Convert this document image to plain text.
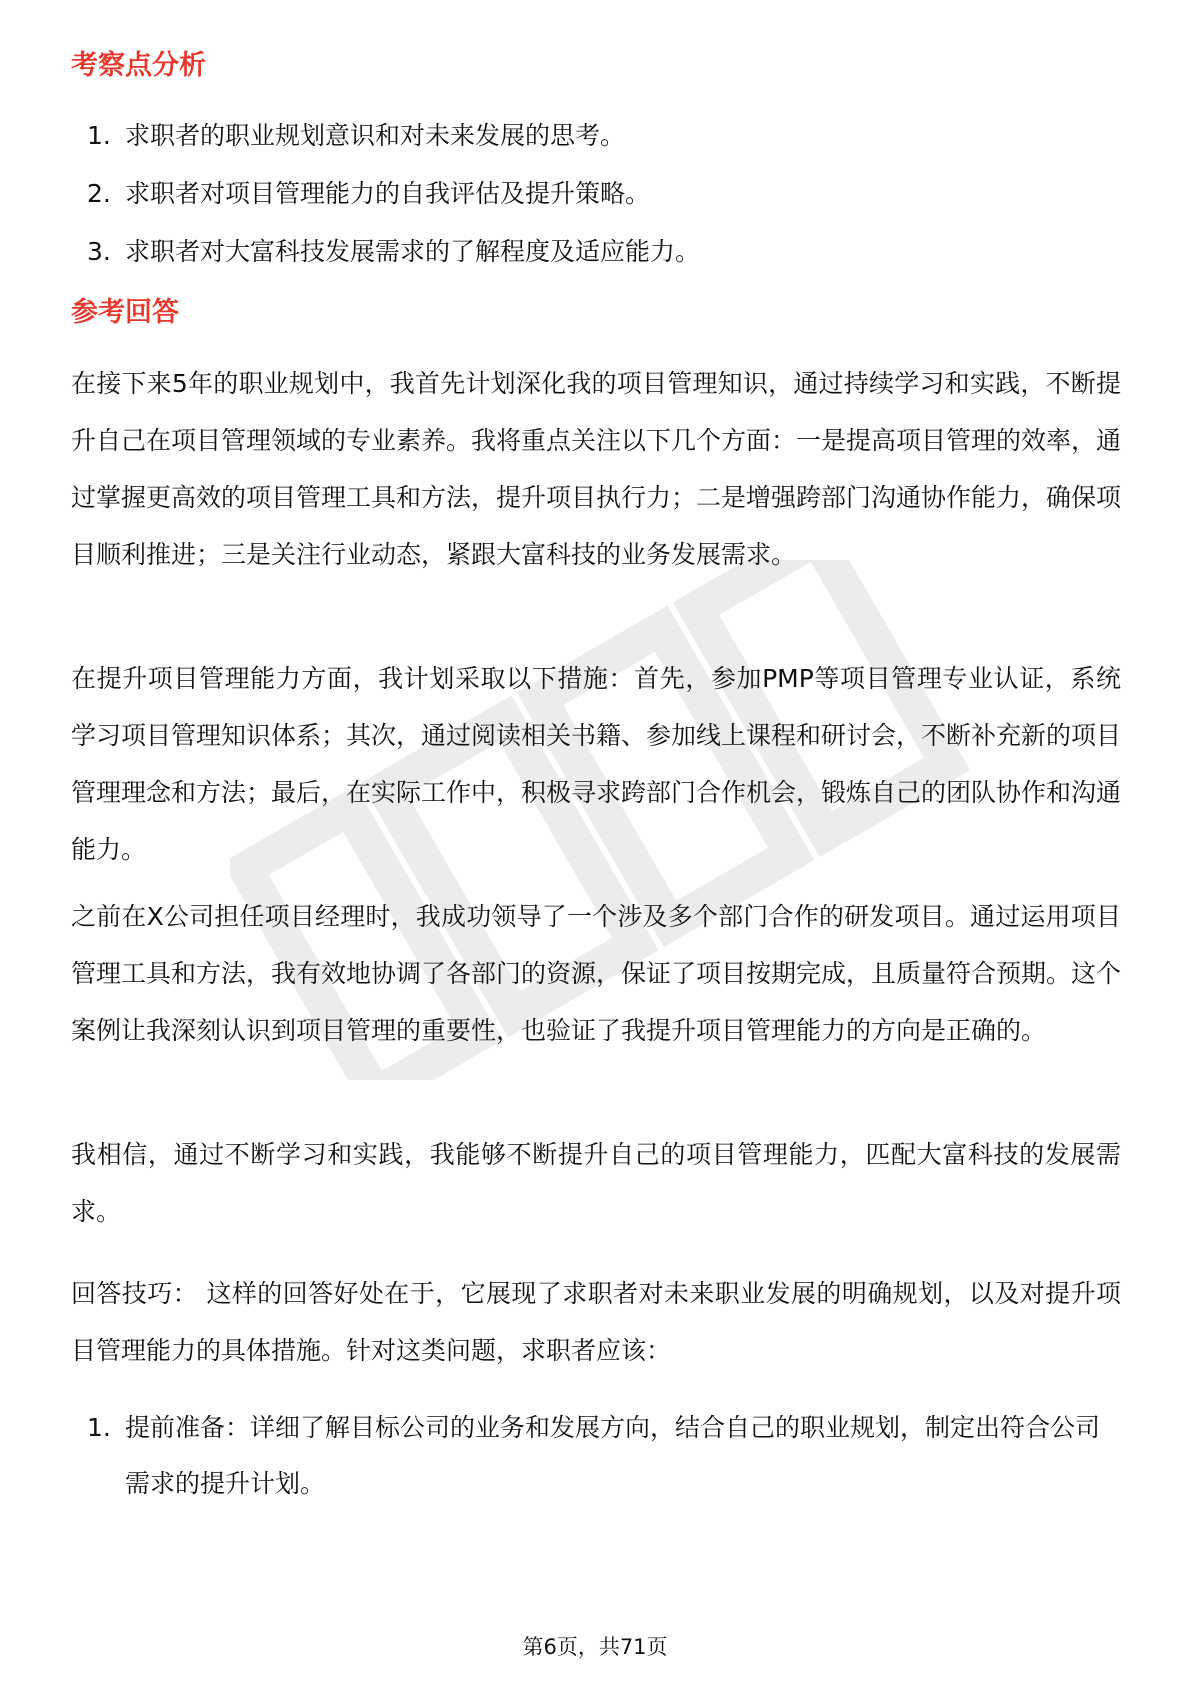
考察点分析
1. 求职者的职业规划意识和对未来发展的思考。
2. 求职者对项目管理能力的自我评估及提升策略。
3. 求职者对大富科技发展需求的了解程度及适应能力。
参考回答

在接下来5年的职业规划中，我首先计划深化我的项目管理知识，通过持续学习和实践，不断提升自己在项目管理领域的专业素养。我将重点关注以下几个方面：一是提高项目管理的效率，通过掌握更高效的项目管理工具和方法，提升项目执行力；二是增强跨部门沟通协作能力，确保项目顺利推进；三是关注行业动态，紧跟大富科技的业务发展需求。

在提升项目管理能力方面，我计划采取以下措施：首先，参加PMP等项目管理专业认证，系统学习项目管理知识体系；其次，通过阅读相关书籍、参加线上课程和研讨会，不断补充新的项目管理理念和方法；最后，在实际工作中，积极寻求跨部门合作机会，锻炼自己的团队协作和沟通能力。

之前在X公司担任项目经理时，我成功领导了一个涉及多个部门合作的研发项目。通过运用项目管理工具和方法，我有效地协调了各部门的资源，保证了项目按期完成，且质量符合预期。这个案例让我深刻认识到项目管理的重要性，也验证了我提升项目管理能力的方向是正确的。

我相信，通过不断学习和实践，我能够不断提升自己的项目管理能力，匹配大富科技的发展需求。

回答技巧： 这样的回答好处在于，它展现了求职者对未来职业发展的明确规划，以及对提升项目管理能力的具体措施。针对这类问题，求职者应该：

1. 提前准备：详细了解目标公司的业务和发展方向，结合自己的职业规划，制定出符合公司需求的提升计划。
第6页，共71页
